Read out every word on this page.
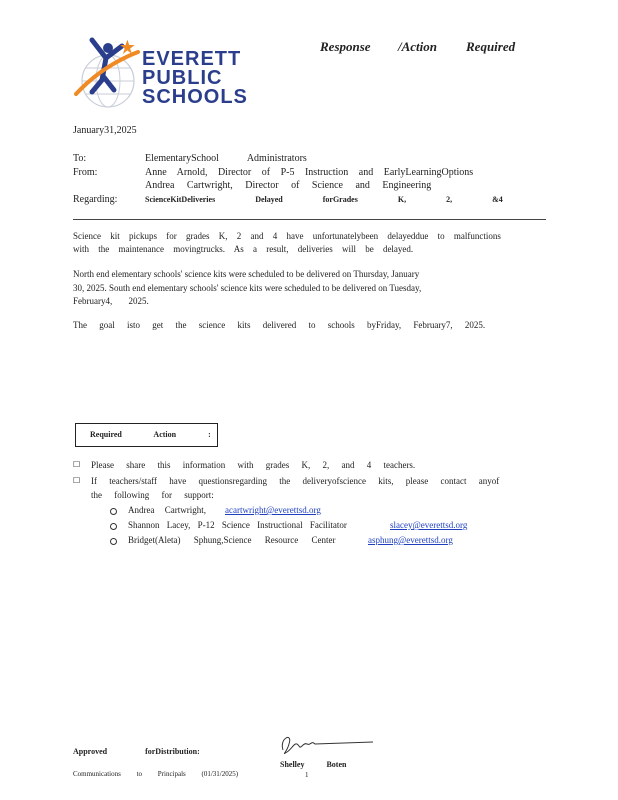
EVERETT
PUBLIC
SCHOOLS
Response /Action Required
January31,2025
To:	ElementarySchool Administrators
From:	Anne Arnold, Director of P-5 Instruction and EarlyLearningOptions
Andrea Cartwright, Director of Science and Engineering
Regarding:	ScienceKitDeliveries Delayed forGrades K, 2, &4
Science kit pickups for grades K, 2 and 4 have unfortunatelybeen delayeddue to malfunctions with the maintenance movingtrucks. As a result, deliveries will be delayed.
North end elementary schools' science kits were scheduled to be delivered on Thursday, January
30, 2025. South end elementary schools' science kits were scheduled to be delivered on Tuesday,
February4, 2025.
The goal isto get the science kits delivered to schools byFriday, February7, 2025.
Required Action :
☐ Please share this information with grades K, 2, and 4 teachers.
☐ If teachers/staff have questionsregarding the deliveryofscience kits, please contact anyof
the following for support:
Andrea Cartwright, acartwright@everettsd.org
Shannon Lacey, P-12 Science Instructional Facilitator	slacey@everettsd.org
Bridget(Aleta) Sphung,Science Resource Center	asphung@everettsd.org
Shelley Boten
Approved forDistribution:
Communications to Principals (01/31/2025)	1
